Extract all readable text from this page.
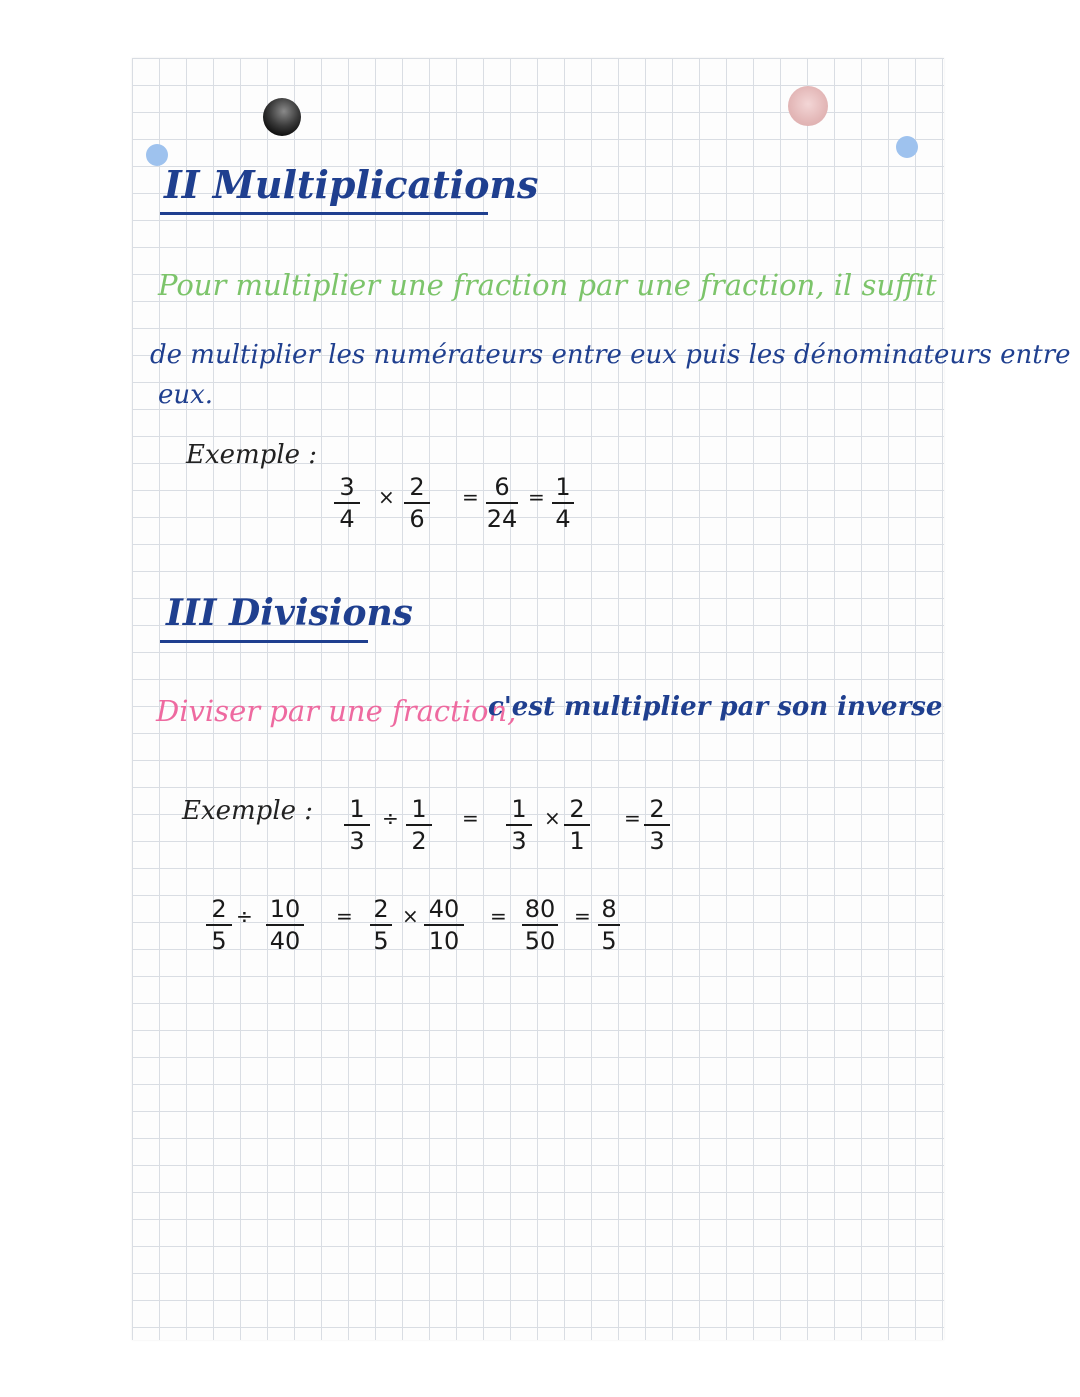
II Multiplications
Pour multiplier une fraction par une fraction, il suffit
de multiplier les numérateurs entre eux puis les dénominateurs entre
eux.
Exemple :
3
4
× 2
6
= 6
24
= 1
4
III Divisions
Diviser par une fraction,
c'est multiplier par son inverse
Exemple : 1
3
÷ 1
2
= 1
3
× 2
1
= 2
3
2
5
÷ 10
40
= 2
5
× 40
10
= 80
50
= 8
5
